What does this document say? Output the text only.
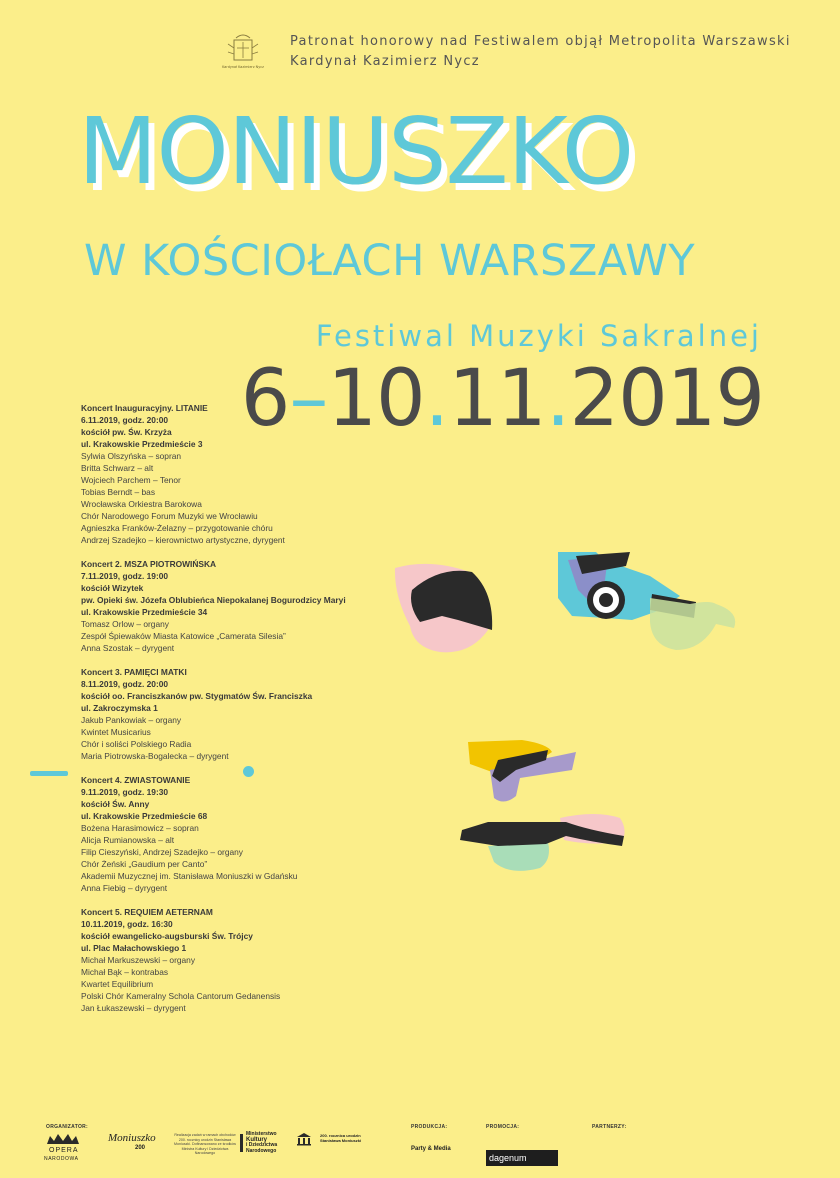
Kardynał Kazimierz Nycz
Patronat honorowy nad Festiwalem objął Metropolita Warszawski
Kardynał Kazimierz Nycz
MONIUSZKO
W KOŚCIOŁACH WARSZAWY
Festiwal Muzyki Sakralnej
6–10.11.2019
Koncert Inauguracyjny. LITANIE
6.11.2019, godz. 20:00
kościół pw. Św. Krzyża
ul. Krakowskie Przedmieście 3
Sylwia Olszyńska – sopran
Britta Schwarz – alt
Wojciech Parchem – Tenor
Tobias Berndt – bas
Wrocławska Orkiestra Barokowa
Chór Narodowego Forum Muzyki we Wrocławiu
Agnieszka Franków-Żelazny – przygotowanie chóru
Andrzej Szadejko – kierownictwo artystyczne, dyrygent
Koncert 2. MSZA PIOTROWIŃSKA
7.11.2019, godz. 19:00
kościół Wizytek
pw. Opieki św. Józefa Oblubieńca Niepokalanej Bogurodzicy Maryi
ul. Krakowskie Przedmieście 34
Tomasz Orlow – organy
Zespół Śpiewaków Miasta Katowice „Camerata Silesia”
Anna Szostak – dyrygent
Koncert 3. PAMIĘCI MATKI
8.11.2019, godz. 20:00
kościół oo. Franciszkanów pw. Stygmatów Św. Franciszka
ul. Zakroczymska 1
Jakub Pankowiak – organy
Kwintet Musicarius
Chór i soliści Polskiego Radia
Maria Piotrowska-Bogalecka – dyrygent
Koncert 4. ZWIASTOWANIE
9.11.2019, godz. 19:30
kościół Św. Anny
ul. Krakowskie Przedmieście 68
Bożena Harasimowicz – sopran
Alicja Rumianowska – alt
Filip Cieszyński, Andrzej Szadejko – organy
Chór Żeński „Gaudium per Canto”
Akademii Muzycznej im. Stanisława Moniuszki w Gdańsku
Anna Fiebig – dyrygent
Koncert 5. REQUIEM AETERNAM
10.11.2019, godz. 16:30
kościół ewangelicko-augsburski Św. Trójcy
ul. Plac Małachowskiego 1
Michał Markuszewski – organy
Michał Bąk – kontrabas
Kwartet Equilibrium
Polski Chór Kameralny Schola Cantorum Gedanensis
Jan Łukaszewski – dyrygent
ORGANIZATOR:
OPERA
NARODOWA
Moniuszko
200
Realizacja zadań w ramach obchodów 200. rocznicy urodzin Stanisława Moniuszki. Dofinansowano ze środków Ministra Kultury i Dziedzictwa Narodowego
Ministerstwo
Kultury
i Dziedzictwa
Narodowego
200. rocznica urodzin
Stanisława Moniuszki
PRODUKCJA:
Party & Media
PROMOCJA:
dagenum
PARTNERZY:
